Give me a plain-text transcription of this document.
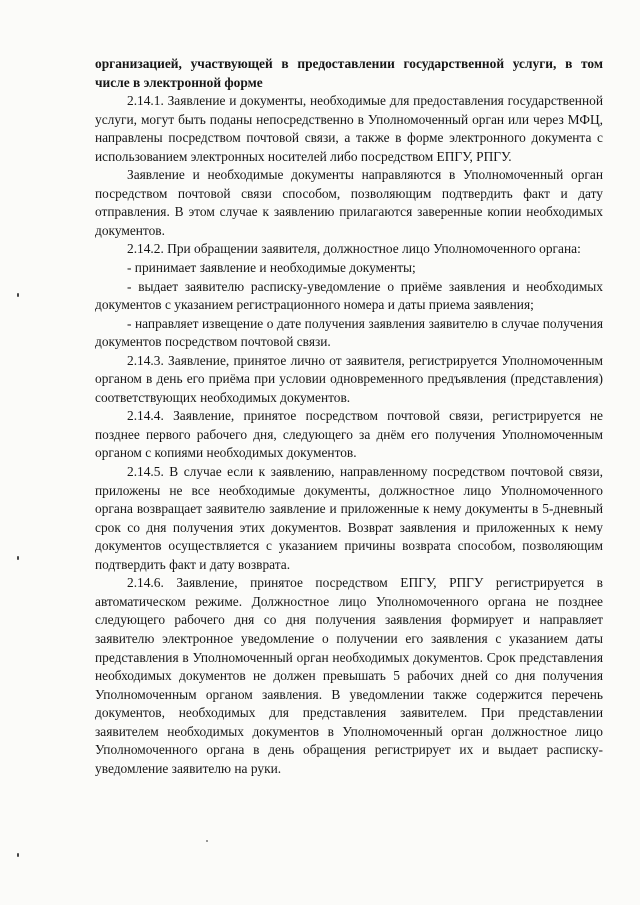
организацией, участвующей в предоставлении государственной услуги, в том числе в электронной форме

2.14.1. Заявление и документы, необходимые для предоставления государственной услуги, могут быть поданы непосредственно в Уполномоченный орган или через МФЦ, направлены посредством почтовой связи, а также в форме электронного документа с использованием электронных носителей либо посредством ЕПГУ, РПГУ.

Заявление и необходимые документы направляются в Уполномоченный орган посредством почтовой связи способом, позволяющим подтвердить факт и дату отправления. В этом случае к заявлению прилагаются заверенные копии необходимых документов.

2.14.2. При обращении заявителя, должностное лицо Уполномоченного органа:

- принимает заявление и необходимые документы;

- выдает заявителю расписку-уведомление о приёме заявления и необходимых документов с указанием регистрационного номера и даты приема заявления;

- направляет извещение о дате получения заявления заявителю в случае получения документов посредством почтовой связи.

2.14.3. Заявление, принятое лично от заявителя, регистрируется Уполномоченным органом в день его приёма при условии одновременного предъявления (представления) соответствующих необходимых документов.

2.14.4. Заявление, принятое посредством почтовой связи, регистрируется не позднее первого рабочего дня, следующего за днём его получения Уполномоченным органом с копиями необходимых документов.

2.14.5. В случае если к заявлению, направленному посредством почтовой связи, приложены не все необходимые документы, должностное лицо Уполномоченного органа возвращает заявителю заявление и приложенные к нему документы в 5-дневный срок со дня получения этих документов. Возврат заявления и приложенных к нему документов осуществляется с указанием причины возврата способом, позволяющим подтвердить факт и дату возврата.

2.14.6. Заявление, принятое посредством ЕПГУ, РПГУ регистрируется в автоматическом режиме. Должностное лицо Уполномоченного органа не позднее следующего рабочего дня со дня получения заявления формирует и направляет заявителю электронное уведомление о получении его заявления с указанием даты представления в Уполномоченный орган необходимых документов. Срок представления необходимых документов не должен превышать 5 рабочих дней со дня получения Уполномоченным органом заявления. В уведомлении также содержится перечень документов, необходимых для представления заявителем. При представлении заявителем необходимых документов в Уполномоченный орган должностное лицо Уполномоченного органа в день обращения регистрирует их и выдает расписку-уведомление заявителю на руки.
